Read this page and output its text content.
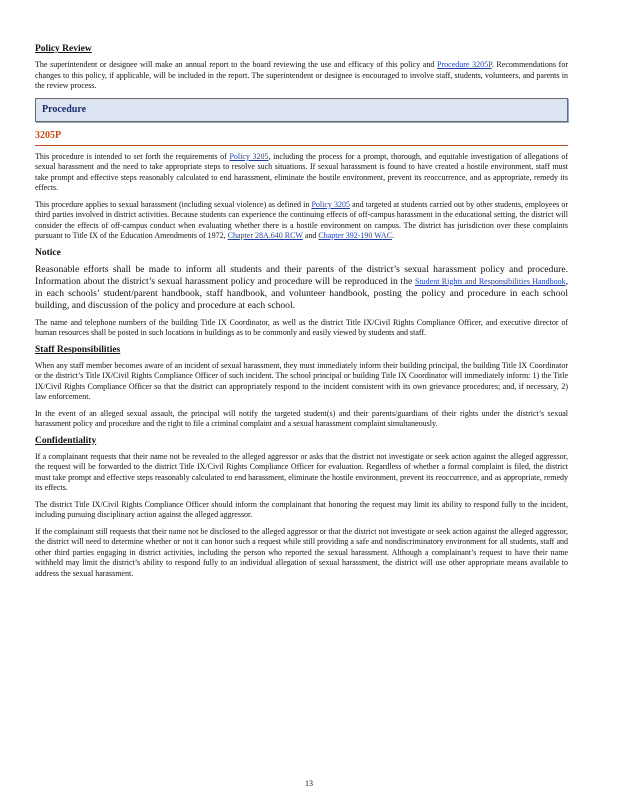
Policy Review

The superintendent or designee will make an annual report to the board reviewing the use and efficacy of this policy and Procedure 3205P. Recommendations for changes to this policy, if applicable, will be included in the report. The superintendent or designee is encouraged to involve staff, students, volunteers, and parents in the review process.

Procedure
3205P

This procedure is intended to set forth the requirements of Policy 3205, including the process for a prompt, thorough, and equitable investigation of allegations of sexual harassment and the need to take appropriate steps to resolve such situations. If sexual harassment is found to have created a hostile environment, staff must take prompt and effective steps reasonably calculated to end harassment, eliminate the hostile environment, prevent its reoccurrence, and as appropriate, remedy its effects.

This procedure applies to sexual harassment (including sexual violence) as defined in Policy 3205 and targeted at students carried out by other students, employees or third parties involved in district activities. Because students can experience the continuing effects of off-campus harassment in the educational setting, the district will consider the effects of off-campus conduct when evaluating whether there is a hostile environment on campus. The district has jurisdiction over these complaints pursuant to Title IX of the Education Amendments of 1972, Chapter 28A.640 RCW and Chapter 392-190 WAC.

Notice

Reasonable efforts shall be made to inform all students and their parents of the district’s sexual harassment policy and procedure. Information about the district’s sexual harassment policy and procedure will be reproduced in the Student Rights and Responsibilities Handbook, in each schools’ student/parent handbook, staff handbook, and volunteer handbook, posting the policy and procedure in each school building, and discussion of the policy and procedure at each school.

The name and telephone numbers of the building Title IX Coordinator, as well as the district Title IX/Civil Rights Compliance Officer, and executive director of human resources shall be posted in such locations in buildings as to be commonly and easily viewed by students and staff.

Staff Responsibilities

When any staff member becomes aware of an incident of sexual harassment, they must immediately inform their building principal, the building Title IX Coordinator or the district’s Title IX/Civil Rights Compliance Officer of such incident. The school principal or building Title IX Coordinator will immediately inform: 1) the Title IX/Civil Rights Compliance Officer so that the district can appropriately respond to the incident consistent with its own grievance procedures; and, if necessary, 2) law enforcement.

In the event of an alleged sexual assault, the principal will notify the targeted student(s) and their parents/guardians of their rights under the district’s sexual harassment policy and procedure and the right to file a criminal complaint and a sexual harassment complaint simultaneously.

Confidentiality

If a complainant requests that their name not be revealed to the alleged aggressor or asks that the district not investigate or seek action against the alleged aggressor, the request will be forwarded to the district Title IX/Civil Rights Compliance Officer for evaluation. Regardless of whether a formal complaint is filed, the district must take prompt and effective steps reasonably calculated to end harassment, eliminate the hostile environment, prevent its reoccurrence, and as appropriate, remedy its effects.

The district Title IX/Civil Rights Compliance Officer should inform the complainant that honoring the request may limit its ability to respond fully to the incident, including pursuing disciplinary action against the alleged aggressor.

If the complainant still requests that their name not be disclosed to the alleged aggressor or that the district not investigate or seek action against the alleged aggressor, the district will need to determine whether or not it can honor such a request while still providing a safe and nondiscriminatory environment for all students, staff and other third parties engaging in district activities, including the person who reported the sexual harassment. Although a complainant’s request to have their name withheld may limit the district’s ability to respond fully to an individual allegation of sexual harassment, the district will use other appropriate means available to address the sexual harassment.

13
